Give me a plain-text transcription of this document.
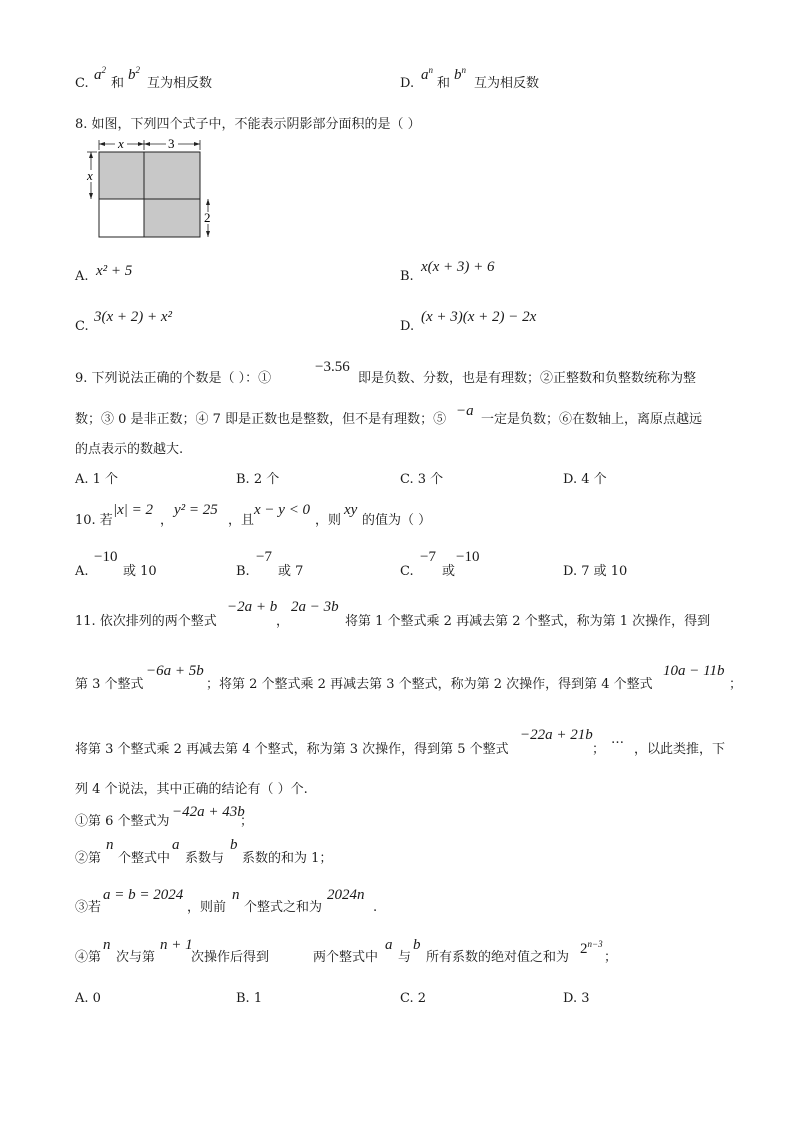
C.
$a^2$
和
$b^2$
互为相反数	D.
$a^n$
和
$b^n$
互为相反数
8. 如图，下列四个式子中，不能表示阴影部分面积的是（ ）
x	3
x
2
A. x² + 5	B.
x(x + 3) + 6
C.
3(x + 2) + x²
D.
(x + 3)(x + 2) − 2x
9. 下列说法正确的个数是（ ）：①
−3.56
即是负数、分数，也是有理数；②正整数和负整数统称为整
数；③ 0 是非正数；④ 7 即是正数也是整数，但不是有理数；⑤
−a
一定是负数；⑥在数轴上，离原点越远
的点表示的数越大.
A. 1 个	B. 2 个	C. 3 个	D. 4 个
10. 若
|x| = 2
，
y² = 25
，且
x − y < 0
，则
xy
的值为（ ）
A.
−10
或 10	B.
−7
或 7	C.
−7
或
−10
D. 7 或 10
11. 依次排列的两个整式
−2a + b
，
2a − 3b
将第 1 个整式乘 2 再减去第 2 个整式，称为第 1 次操作，得到
第 3 个整式
−6a + 5b
；将第 2 个整式乘 2 再减去第 3 个整式，称为第 2 次操作，得到第 4 个整式
10a − 11b
；
将第 3 个整式乘 2 再减去第 4 个整式，称为第 3 次操作，得到第 5 个整式
−22a + 21b
；
…
，以此类推，下
列 4 个说法，其中正确的结论有（ ）个.
①第 6 个整式为
−42a + 43b
；
②第
n
个整式中
a
系数与
b
系数的和为 1；
③若
a = b = 2024
，则前
n
个整式之和为
2024n
.
④第
n
次与第
n + 1
次操作后得到	两个整式中
a
与
b
所有系数的绝对值之和为
$2^{n-3}$
；
A. 0	B. 1	C. 2	D. 3
